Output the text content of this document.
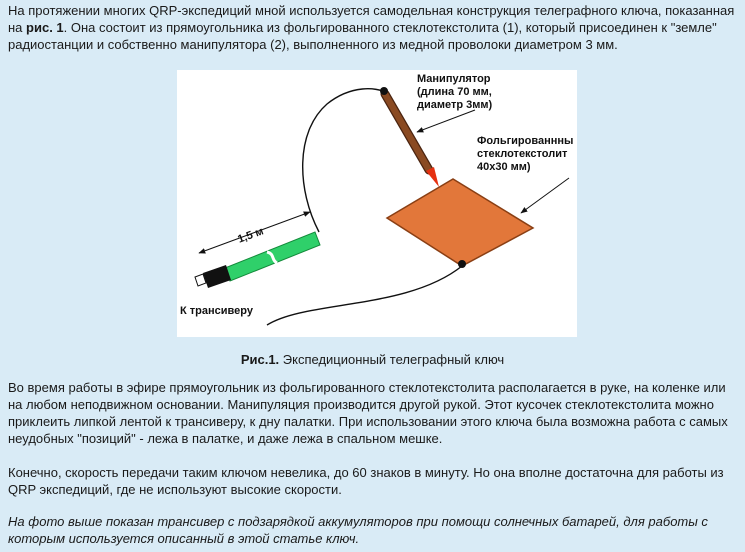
На протяжении многих QRP-экспедиций мной используется самодельная конструкция телеграфного ключа, показанная на рис. 1. Она состоит из прямоугольника из фольгированного стеклотекстолита (1), который присоединен к "земле" радиостанции и собственно манипулятора (2), выполненного из медной проволоки диаметром 3 мм.

1,5 м
Манипулятор (длина 70 мм, диаметр 3мм)
Фольгированнны стеклотекстолит 40x30 мм)
К трансиверу

Рис.1. Экспедиционный телеграфный ключ

Во время работы в эфире прямоугольник из фольгированного стеклотекстолита располагается в руке, на коленке или на любом неподвижном основании. Манипуляция производится другой рукой. Этот кусочек стеклотекстолита можно приклеить липкой лентой к трансиверу, к дну палатки. При использовании этого ключа была возможна работа с самых неудобных "позиций" - лежа в палатке, и даже лежа в спальном мешке.

Конечно, скорость передачи таким ключом невелика, до 60 знаков в минуту. Но она вполне достаточна для работы из QRP экспедиций, где не используют высокие скорости.

На фото выше показан трансивер с подзарядкой аккумуляторов при помощи солнечных батарей, для работы с которым используется описанный в этой статье ключ.
